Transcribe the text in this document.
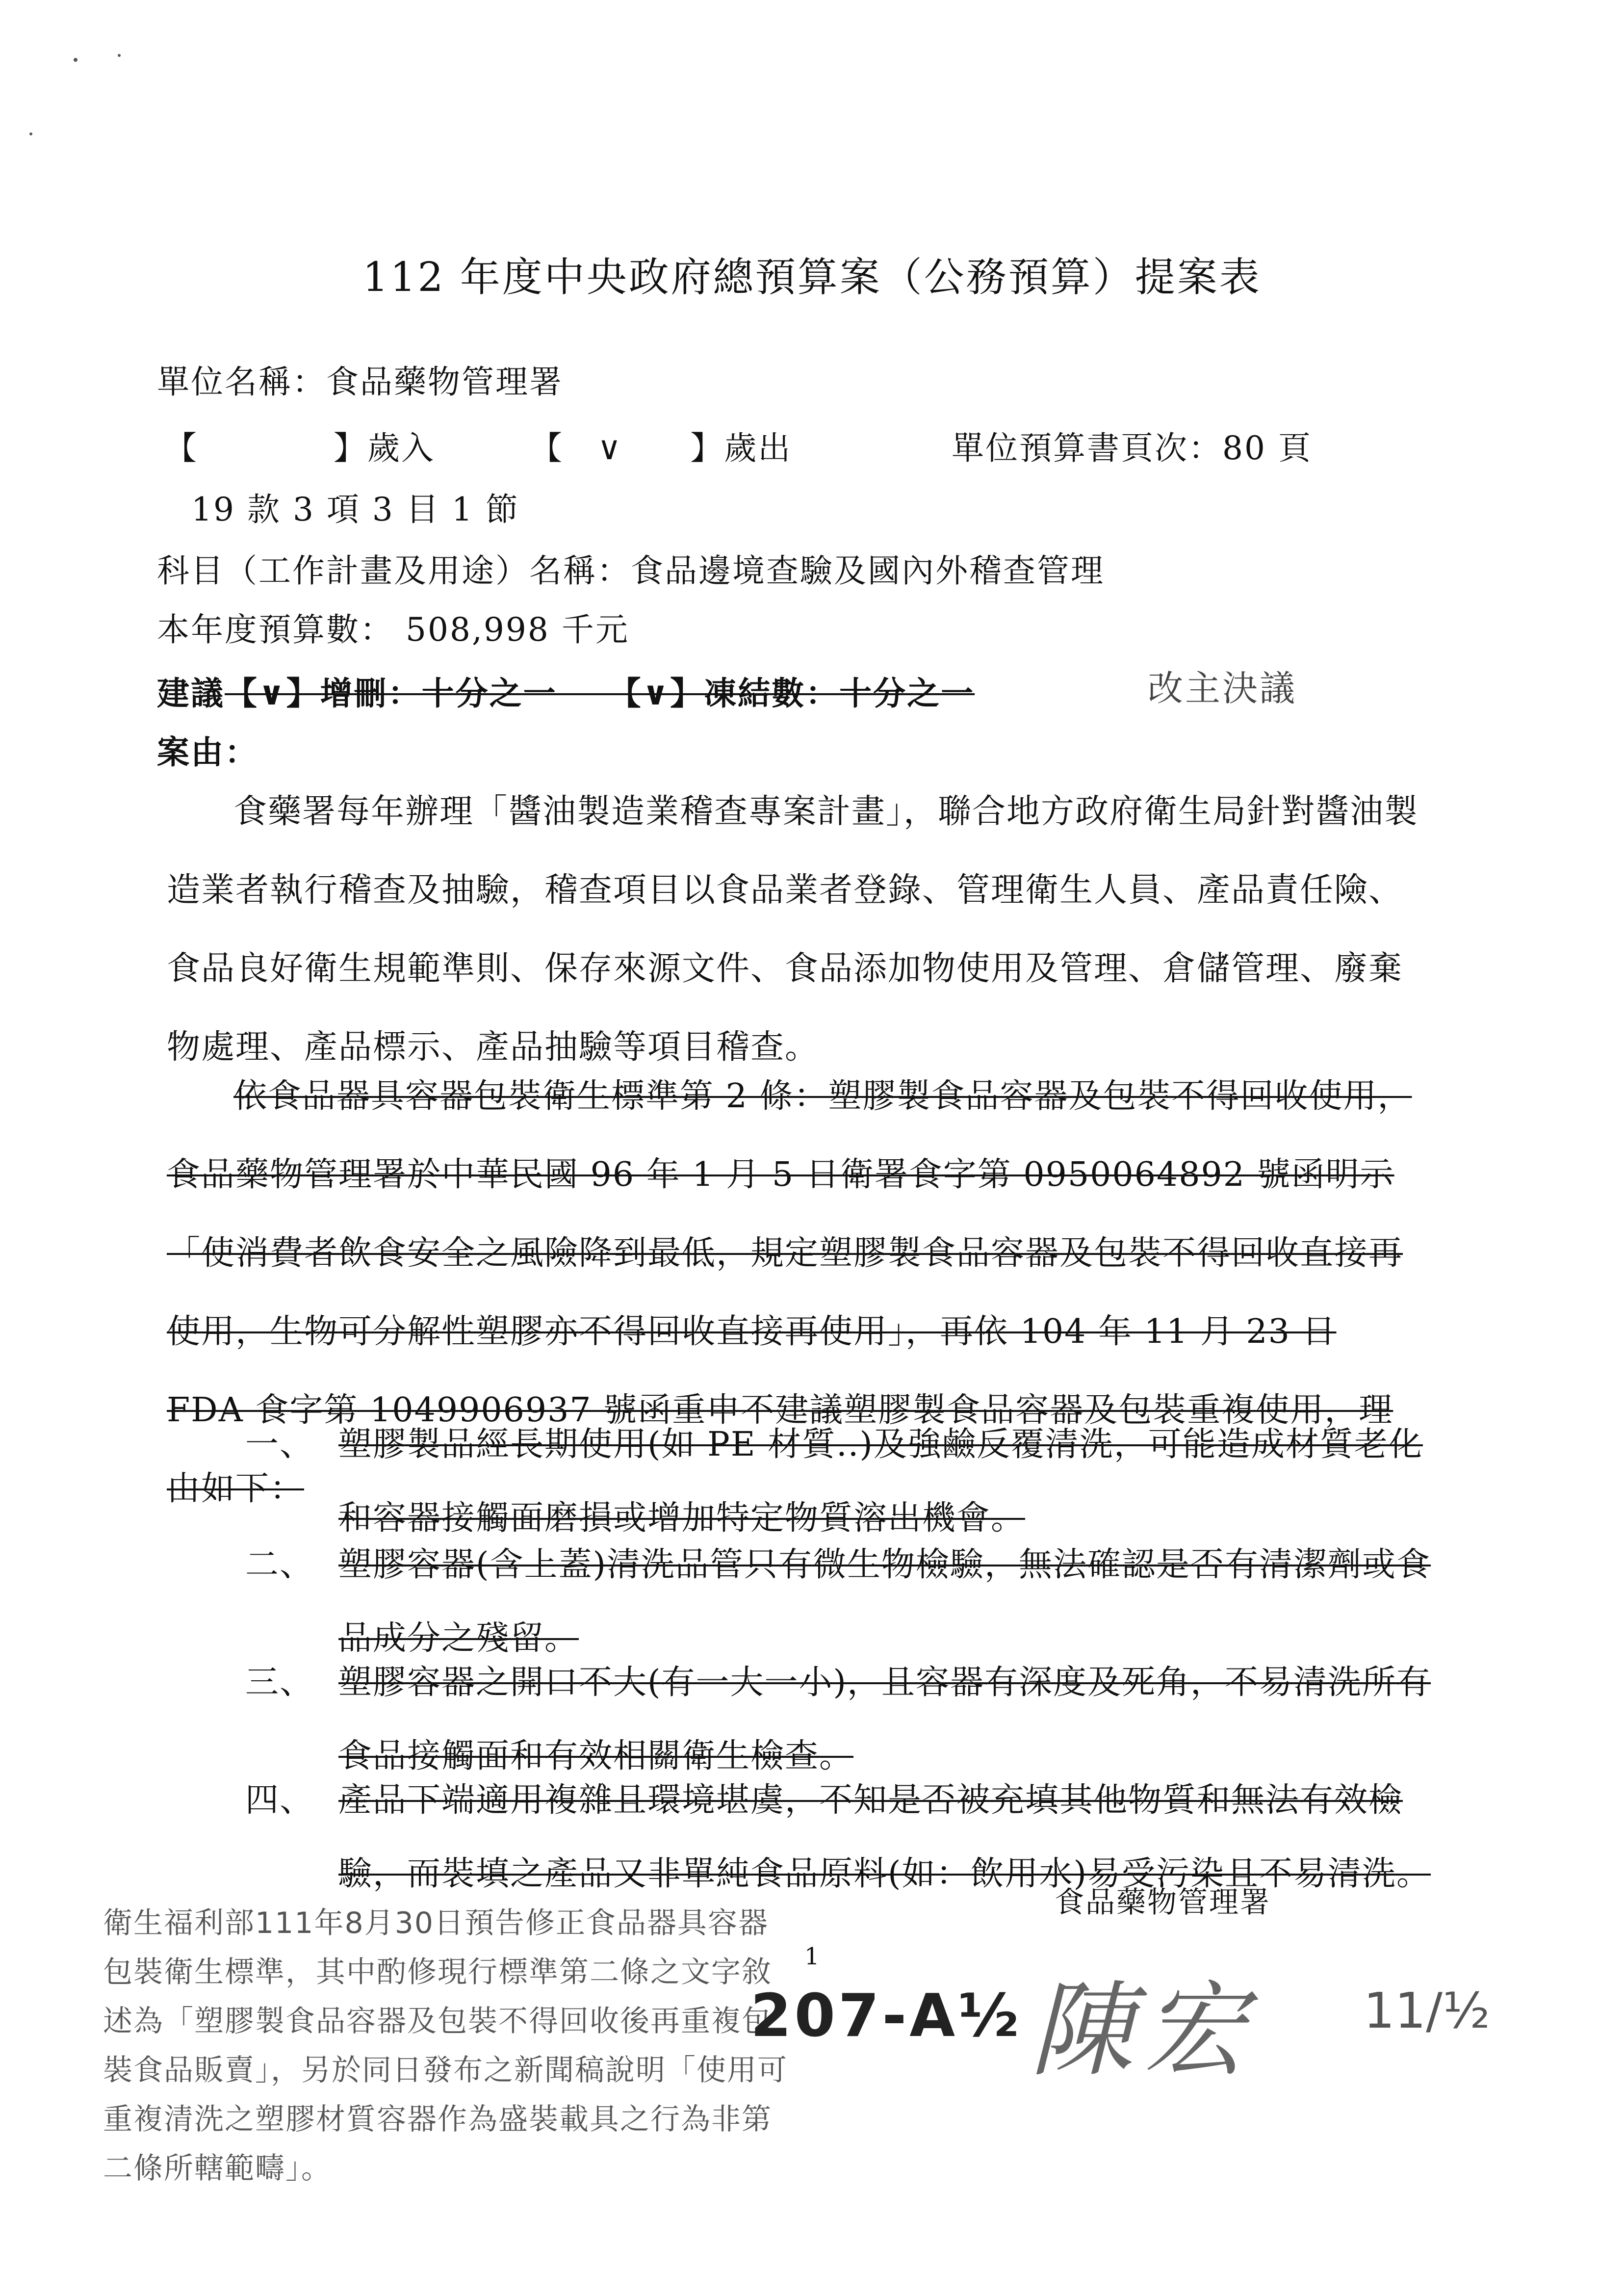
112 年度中央政府總預算案（公務預算）提案表
單位名稱：食品藥物管理署
【　　　　】歲入	【　∨　　】歲出	單位預算書頁次：80 頁
19 款 3 項 3 目 1 節
科目（工作計畫及用途）名稱：食品邊境查驗及國內外稽查管理
本年度預算數： 508,998 千元
建議【∨】增刪：十分之一　　【∨】凍結數：十分之一	改主決議
案由：
食藥署每年辦理「醬油製造業稽查專案計畫」，聯合地方政府衛生局針對醬油製造業者執行稽查及抽驗，稽查項目以食品業者登錄、管理衛生人員、產品責任險、食品良好衛生規範準則、保存來源文件、食品添加物使用及管理、倉儲管理、廢棄物處理、產品標示、產品抽驗等項目稽查。
依食品器具容器包裝衛生標準第 2 條：塑膠製食品容器及包裝不得回收使用，食品藥物管理署於中華民國 96 年 1 月 5 日衛署食字第 0950064892 號函明示「使消費者飲食安全之風險降到最低，規定塑膠製食品容器及包裝不得回收直接再使用，生物可分解性塑膠亦不得回收直接再使用」，再依 104 年 11 月 23 日 FDA 食字第 1049906937 號函重申不建議塑膠製食品容器及包裝重複使用，理由如下：
一、 塑膠製品經長期使用(如 PE 材質..)及強鹼反覆清洗，可能造成材質老化和容器接觸面磨損或增加特定物質溶出機會。
二、 塑膠容器(含上蓋)清洗品管只有微生物檢驗，無法確認是否有清潔劑或食品成分之殘留。
三、 塑膠容器之開口不大(有一大一小)，且容器有深度及死角，不易清洗所有食品接觸面和有效相關衛生檢查。
四、 產品下端適用複雜且環境堪虞，不知是否被充填其他物質和無法有效檢驗，而裝填之產品又非單純食品原料(如：飲用水)易受污染且不易清洗。
食品藥物管理署
1
衛生福利部111年8月30日預告修正食品器具容器包裝衛生標準，其中酌修現行標準第二條之文字敘述為「塑膠製食品容器及包裝不得回收後再重複包裝食品販賣」，另於同日發布之新聞稿說明「使用可重複清洗之塑膠材質容器作為盛裝載具之行為非第二條所轄範疇」。
207-A½ 陳宏 11/½
